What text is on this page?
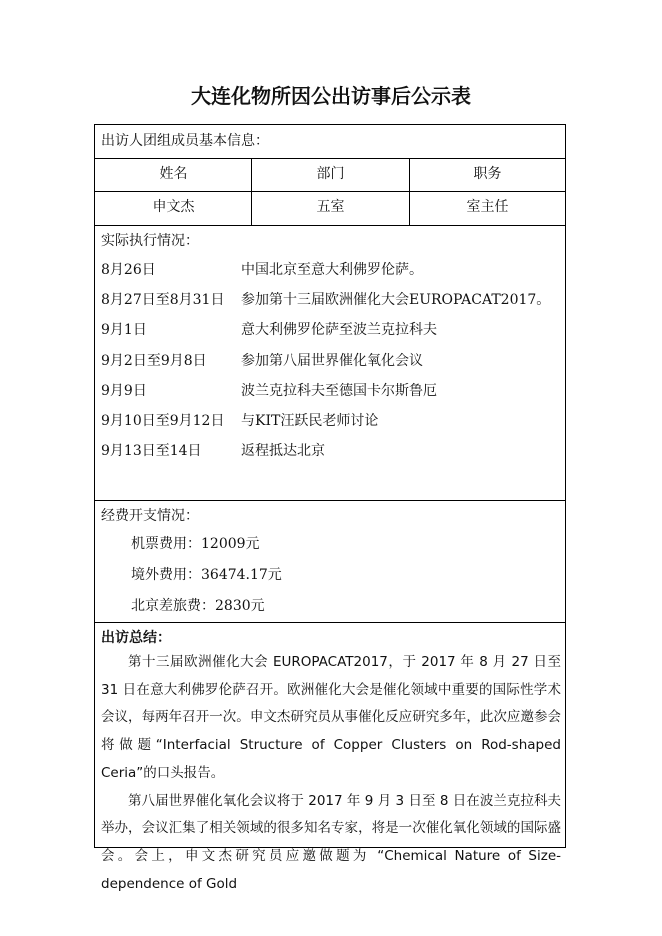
大连化物所因公出访事后公示表
出访人团组成员基本信息：
姓名	部门	职务
申文杰	五室	室主任
实际执行情况：
8月26日	中国北京至意大利佛罗伦萨。
8月27日至8月31日 参加第十三届欧洲催化大会EUROPACAT2017。
9月1日	意大利佛罗伦萨至波兰克拉科夫
9月2日至9月8日 参加第八届世界催化氧化会议
9月9日	波兰克拉科夫至德国卡尔斯鲁厄
9月10日至9月12日 与KIT汪跃民老师讨论
9月13日至14日	返程抵达北京
经费开支情况：
机票费用：12009元
境外费用：36474.17元
北京差旅费：2830元
出访总结：

第十三届欧洲催化大会 EUROPACAT2017，于 2017 年 8 月 27 日至 31 日在意大利佛罗伦萨召开。欧洲催化大会是催化领域中重要的国际性学术会议，每两年召开一次。申文杰研究员从事催化反应研究多年，此次应邀参会将做题“Interfacial Structure of Copper Clusters on Rod-shaped Ceria”的口头报告。

第八届世界催化氧化会议将于 2017 年 9 月 3 日至 8 日在波兰克拉科夫举办，会议汇集了相关领域的很多知名专家，将是一次催化氧化领域的国际盛会。会上，申文杰研究员应邀做题为 “Chemical Nature of Size-dependence of Gold
